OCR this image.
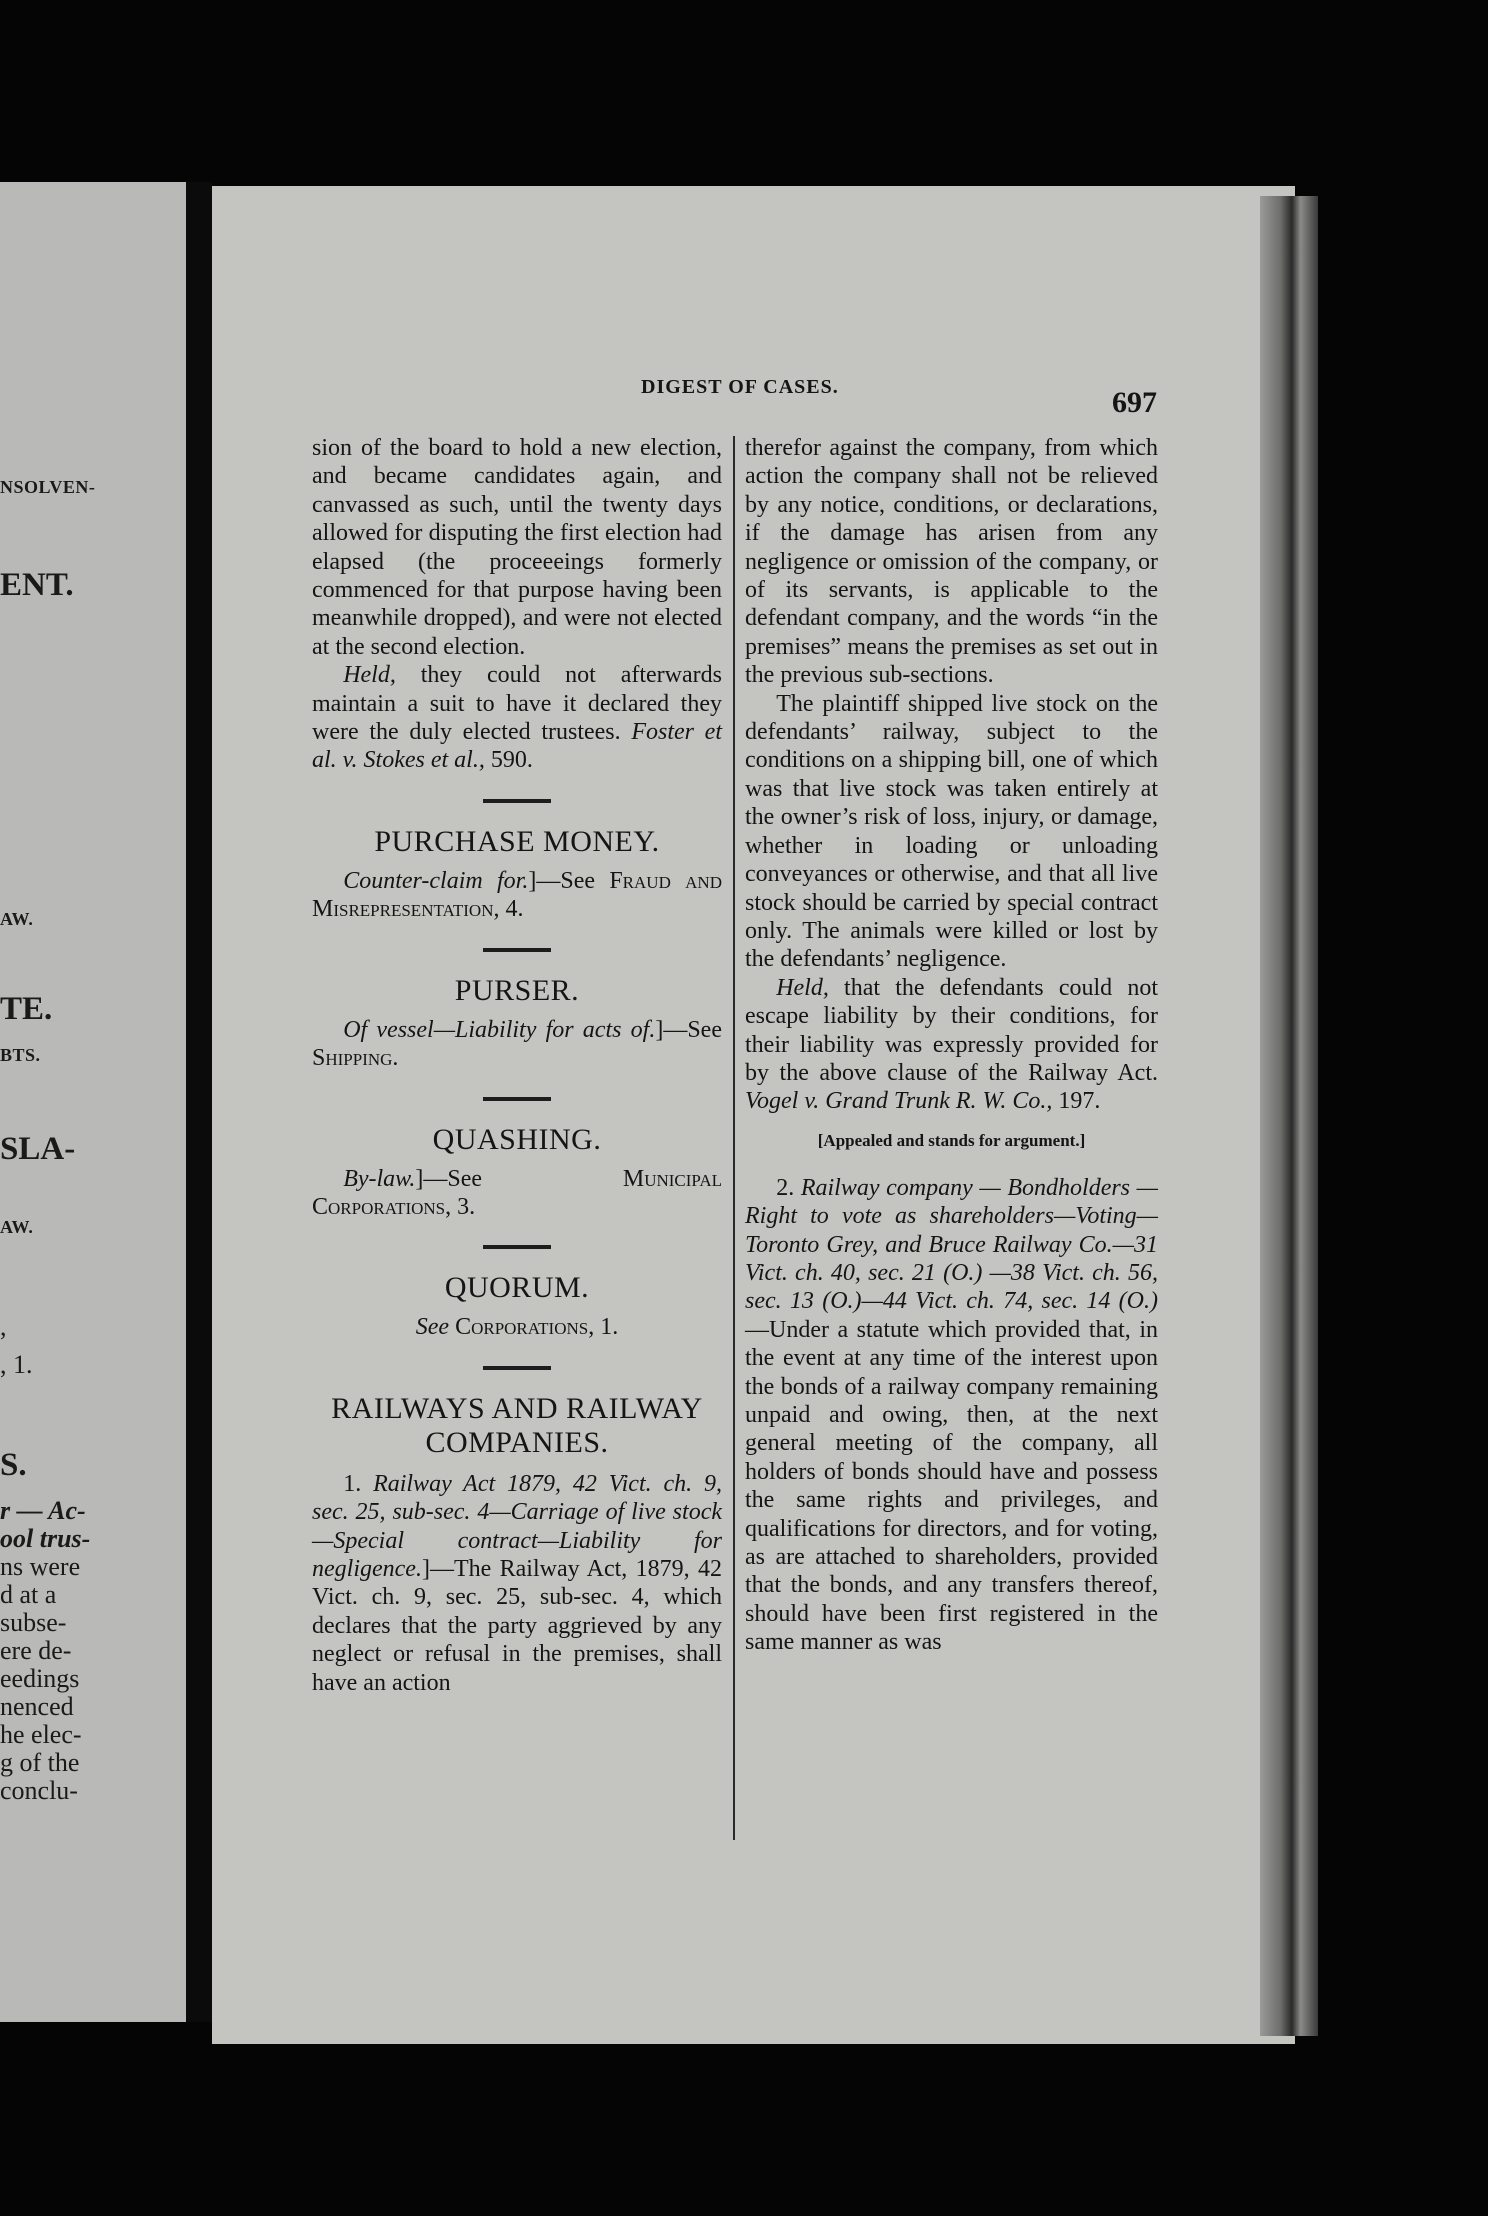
NSOLVEN-
ENT.
AW.
TE.
BTS.
SLA-
AW.
,
, 1.
S.
r — Ac-
ool trus-
ns were
d at a
subse-
ere de-
eedings
nenced
he elec-
g of the
conclu-
DIGEST OF CASES.	697

sion of the board to hold a new election, and became candidates again, and canvassed as such, until the twenty days allowed for disputing the first election had elapsed (the proceeeings formerly commenced for that purpose having been meanwhile dropped), and were not elected at the second election.

Held, they could not afterwards maintain a suit to have it declared they were the duly elected trustees. Foster et al. v. Stokes et al., 590.

PURCHASE MONEY.

Counter-claim for.]—See Fraud and Misrepresentation, 4.

PURSER.

Of vessel—Liability for acts of.]—See Shipping.

QUASHING.

By-law.]—See Municipal Corporations, 3.

QUORUM.

See Corporations, 1.

RAILWAYS AND RAILWAY
COMPANIES.

1. Railway Act 1879, 42 Vict. ch. 9, sec. 25, sub-sec. 4—Carriage of live stock—Special contract—Liability for negligence.]—The Railway Act, 1879, 42 Vict. ch. 9, sec. 25, sub-sec. 4, which declares that the party aggrieved by any neglect or refusal in the premises, shall have an action

therefor against the company, from which action the company shall not be relieved by any notice, conditions, or declarations, if the damage has arisen from any negligence or omission of the company, or of its servants, is applicable to the defendant company, and the words “in the premises” means the premises as set out in the previous sub-sections.

The plaintiff shipped live stock on the defendants’ railway, subject to the conditions on a shipping bill, one of which was that live stock was taken entirely at the owner’s risk of loss, injury, or damage, whether in loading or unloading conveyances or otherwise, and that all live stock should be carried by special contract only. The animals were killed or lost by the defendants’ negligence.

Held, that the defendants could not escape liability by their conditions, for their liability was expressly provided for by the above clause of the Railway Act. Vogel v. Grand Trunk R. W. Co., 197.

[Appealed and stands for argument.]

2. Railway company — Bondholders —Right to vote as shareholders—Voting—Toronto Grey, and Bruce Railway Co.—31 Vict. ch. 40, sec. 21 (O.) —38 Vict. ch. 56, sec. 13 (O.)—44 Vict. ch. 74, sec. 14 (O.)—Under a statute which provided that, in the event at any time of the interest upon the bonds of a railway company remaining unpaid and owing, then, at the next general meeting of the company, all holders of bonds should have and possess the same rights and privileges, and qualifications for directors, and for voting, as are attached to shareholders, provided that the bonds, and any transfers thereof, should have been first registered in the same manner as was
